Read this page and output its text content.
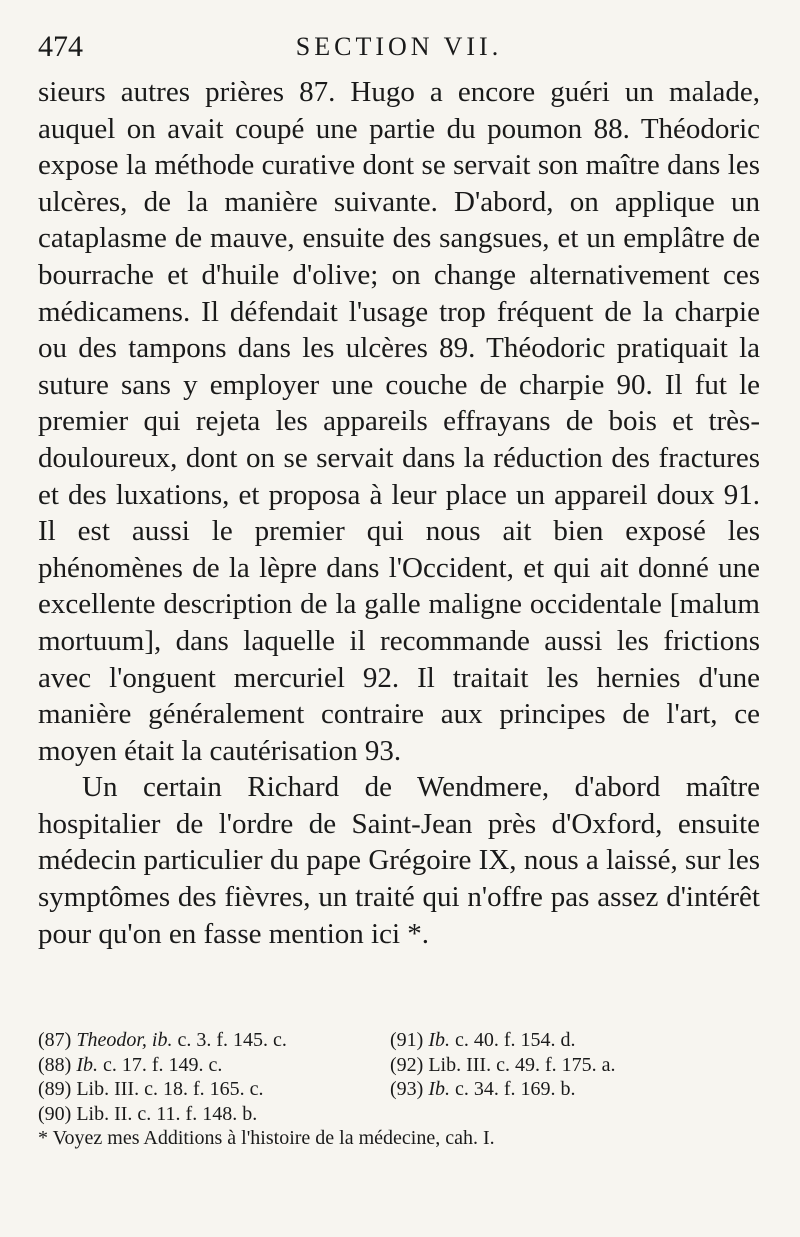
474	SECTION VII.

sieurs autres prières 87. Hugo a encore guéri un malade, auquel on avait coupé une partie du poumon 88. Théodoric expose la méthode curative dont se servait son maître dans les ulcères, de la manière suivante. D'abord, on applique un cataplasme de mauve, ensuite des sangsues, et un emplâtre de bourrache et d'huile d'olive; on change alternativement ces médicamens. Il défendait l'usage trop fréquent de la charpie ou des tampons dans les ulcères 89. Théodoric pratiquait la suture sans y employer une couche de charpie 90. Il fut le premier qui rejeta les appareils effrayans de bois et très-douloureux, dont on se servait dans la réduction des fractures et des luxations, et proposa à leur place un appareil doux 91. Il est aussi le premier qui nous ait bien exposé les phénomènes de la lèpre dans l'Occident, et qui ait donné une excellente description de la galle maligne occidentale [malum mortuum], dans laquelle il recommande aussi les frictions avec l'onguent mercuriel 92. Il traitait les hernies d'une manière généralement contraire aux principes de l'art, ce moyen était la cautérisation 93.

Un certain Richard de Wendmere, d'abord maître hospitalier de l'ordre de Saint-Jean près d'Oxford, ensuite médecin particulier du pape Grégoire IX, nous a laissé, sur les symptômes des fièvres, un traité qui n'offre pas assez d'intérêt pour qu'on en fasse mention ici *.

(87) Theodor, ib. c. 3. f. 145. c.
(88) Ib. c. 17. f. 149. c.
(89) Lib. III. c. 18. f. 165. c.
(90) Lib. II. c. 11. f. 148. b.
(91) Ib. c. 40. f. 154. d.
(92) Lib. III. c. 49. f. 175. a.
(93) Ib. c. 34. f. 169. b.
* Voyez mes Additions à l'histoire de la médecine, cah. I.
